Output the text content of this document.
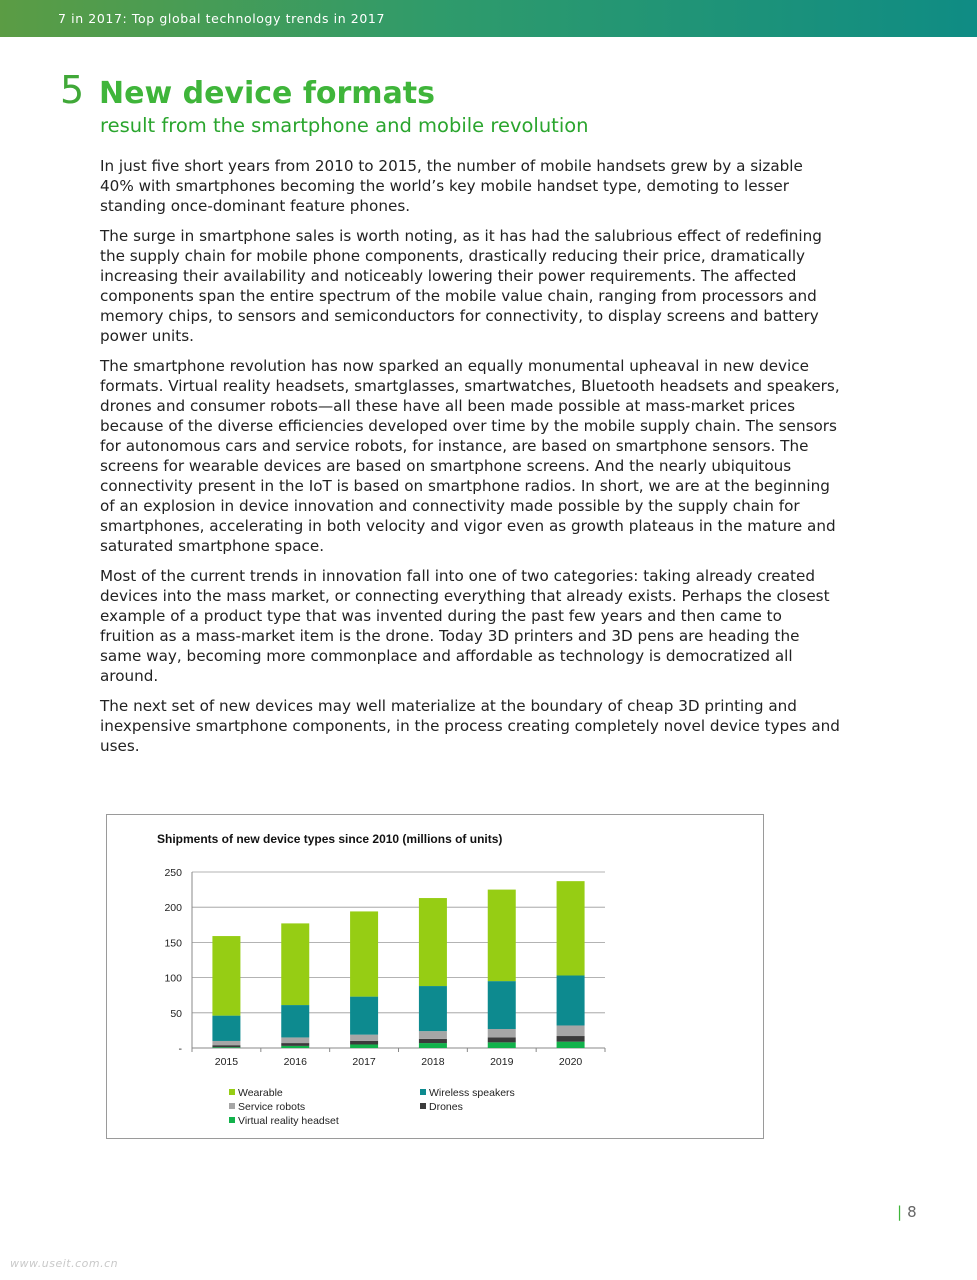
7 in 2017: Top global technology trends in 2017
5 New device formats
result from the smartphone and mobile revolution

In just five short years from 2010 to 2015, the number of mobile handsets grew by a sizable 40% with smartphones becoming the world’s key mobile handset type, demoting to lesser standing once-dominant feature phones.

The surge in smartphone sales is worth noting, as it has had the salubrious effect of redefining the supply chain for mobile phone components, drastically reducing their price, dramatically increasing their availability and noticeably lowering their power requirements. The affected components span the entire spectrum of the mobile value chain, ranging from processors and memory chips, to sensors and semiconductors for connectivity, to display screens and battery power units.

The smartphone revolution has now sparked an equally monumental upheaval in new device formats. Virtual reality headsets, smartglasses, smartwatches, Bluetooth headsets and speakers, drones and consumer robots—all these have all been made possible at mass-market prices because of the diverse efficiencies developed over time by the mobile supply chain. The sensors for autonomous cars and service robots, for instance, are based on smartphone sensors. The screens for wearable devices are based on smartphone screens. And the nearly ubiquitous connectivity present in the IoT is based on smartphone radios. In short, we are at the beginning of an explosion in device innovation and connectivity made possible by the supply chain for smartphones, accelerating in both velocity and vigor even as growth plateaus in the mature and saturated smartphone space.

Most of the current trends in innovation fall into one of two categories: taking already created devices into the mass market, or connecting everything that already exists. Perhaps the closest example of a product type that was invented during the past few years and then came to fruition as a mass-market item is the drone. Today 3D printers and 3D pens are heading the same way, becoming more commonplace and affordable as technology is democratized all around.

The next set of new devices may well materialize at the boundary of cheap 3D printing and inexpensive smartphone components, in the process creating completely novel device types and uses.

Shipments of new device types since 2010 (millions of units)
-
50
100
150
200
250
2015	2016	2017	2018	2019	2020
Wearable	Wireless speakers
Service robots	Drones
Virtual reality headset
| 8
www.useit.com.cn
